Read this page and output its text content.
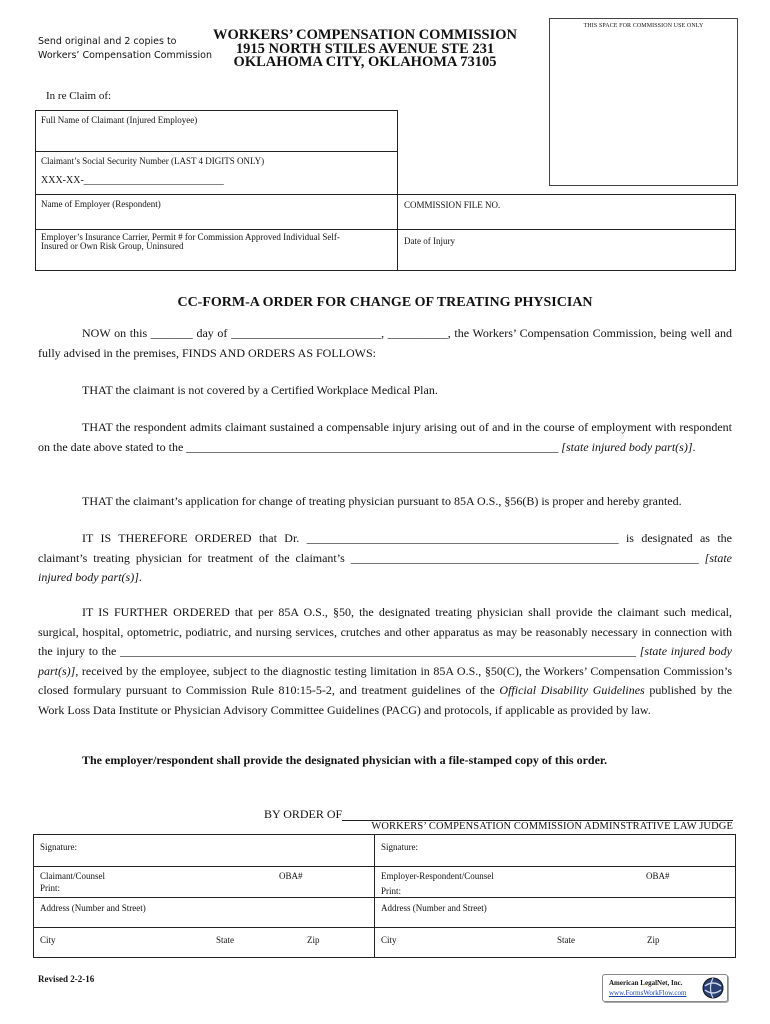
Send original and 2 copies to
Workers’ Compensation Commission
WORKERS’ COMPENSATION COMMISSION
1915 NORTH STILES AVENUE STE 231
OKLAHOMA CITY, OKLAHOMA 73105
THIS SPACE FOR COMMISSION USE ONLY
In re Claim of:
Full Name of Claimant (Injured Employee)
Claimant’s Social Security Number (LAST 4 DIGITS ONLY)
XXX-XX-____________________________
Name of Employer (Respondent)	COMMISSION FILE NO.
Employer’s Insurance Carrier, Permit # for Commission Approved Individual Self-
Insured or Own Risk Group, Uninsured	Date of Injury
CC-FORM-A ORDER FOR CHANGE OF TREATING PHYSICIAN
NOW on this _______ day of _________________________, __________, the Workers’ Compensation Commission, being well and fully advised in the premises, FINDS AND ORDERS AS FOLLOWS:
THAT the claimant is not covered by a Certified Workplace Medical Plan.
THAT the respondent admits claimant sustained a compensable injury arising out of and in the course of employment with respondent on the date above stated to the ______________________________________________________________ [state injured body part(s)].
THAT the claimant’s application for change of treating physician pursuant to 85A O.S., §56(B) is proper and hereby granted.
IT IS THEREFORE ORDERED that Dr. ____________________________________________________ is designated as the claimant’s treating physician for treatment of the claimant’s __________________________________________________________ [state injured body part(s)].
IT IS FURTHER ORDERED that per 85A O.S., §50, the designated treating physician shall provide the claimant such medical, surgical, hospital, optometric, podiatric, and nursing services, crutches and other apparatus as may be reasonably necessary in connection with the injury to the ______________________________________________________________________________________ [state injured body part(s)], received by the employee, subject to the diagnostic testing limitation in 85A O.S., §50(C), the Workers’ Compensation Commission’s closed formulary pursuant to Commission Rule 810:15-5-2, and treatment guidelines of the Official Disability Guidelines published by the Work Loss Data Institute or Physician Advisory Committee Guidelines (PACG) and protocols, if applicable as provided by law.
The employer/respondent shall provide the designated physician with a file-stamped copy of this order.
BY ORDER OF
WORKERS’ COMPENSATION COMMISSION ADMINSTRATIVE LAW JUDGE
Signature:
Claimant/Counsel	OBA#
Print:
Address (Number and Street)
City	State	Zip
Signature:
Employer-Respondent/Counsel	OBA#
Print:
Address (Number and Street)
City	State	Zip
Revised 2-2-16	American LegalNet, Inc.
www.FormsWorkFlow.com
